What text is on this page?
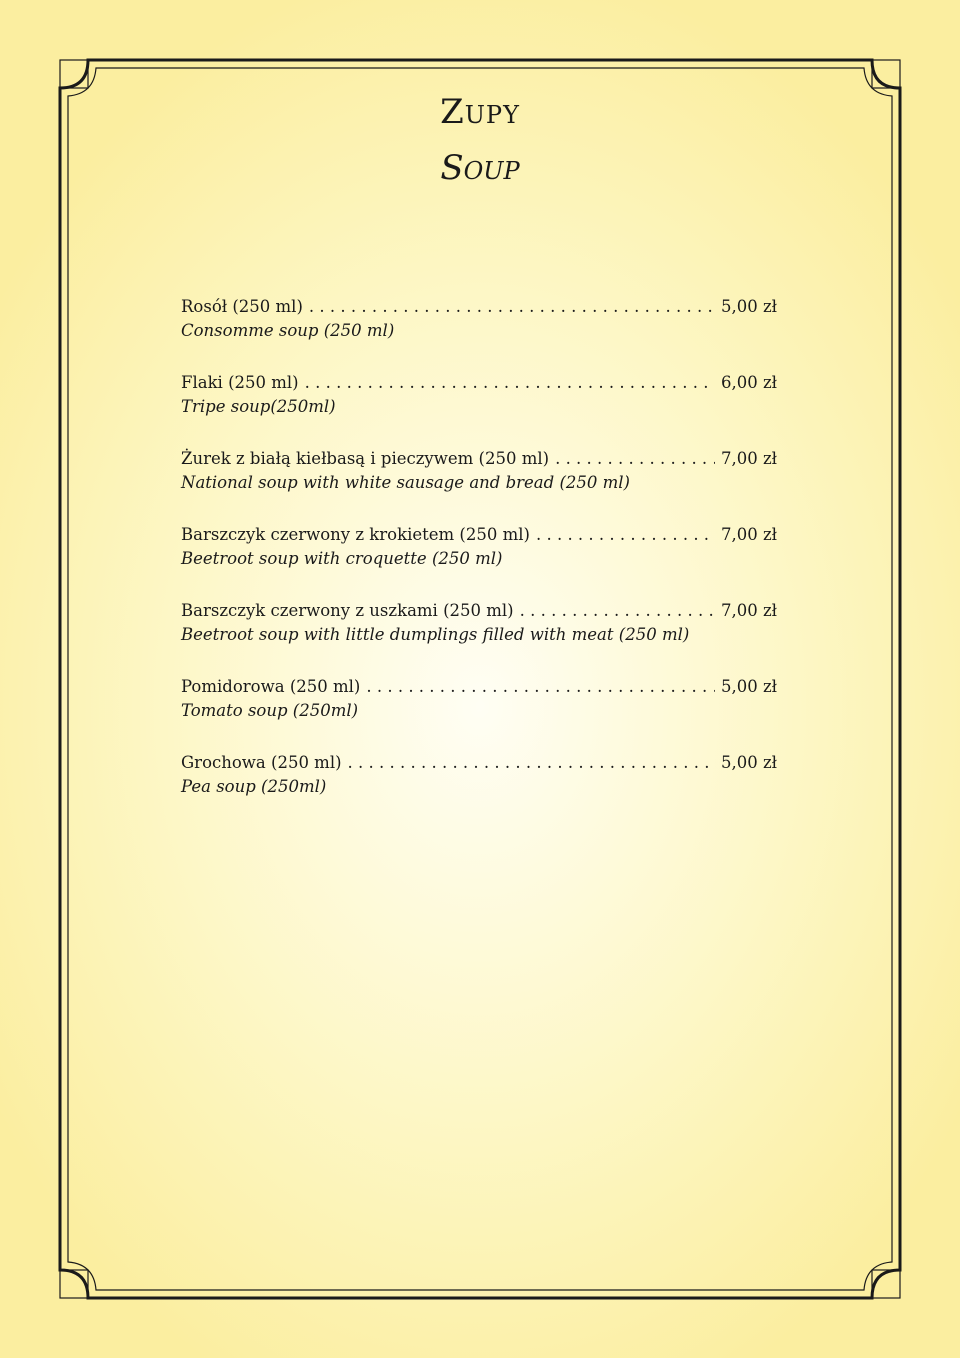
Zupy
Soup
Rosół (250 ml) . . .	5,00 zł
Consomme soup (250 ml)
Flaki (250 ml) . . .	6,00 zł
Tripe soup(250ml)
Żurek z białą kiełbasą i pieczywem (250 ml) . . .	7,00 zł
National soup with white sausage and bread (250 ml)
Barszczyk czerwony z krokietem (250 ml) . . .	7,00 zł
Beetroot soup with croquette (250 ml)
Barszczyk czerwony z uszkami (250 ml) . . .	7,00 zł
Beetroot soup with little dumplings filled with meat (250 ml)
Pomidorowa (250 ml) . . .	5,00 zł
Tomato soup (250ml)
Grochowa (250 ml) . . .	5,00 zł
Pea soup (250ml)
